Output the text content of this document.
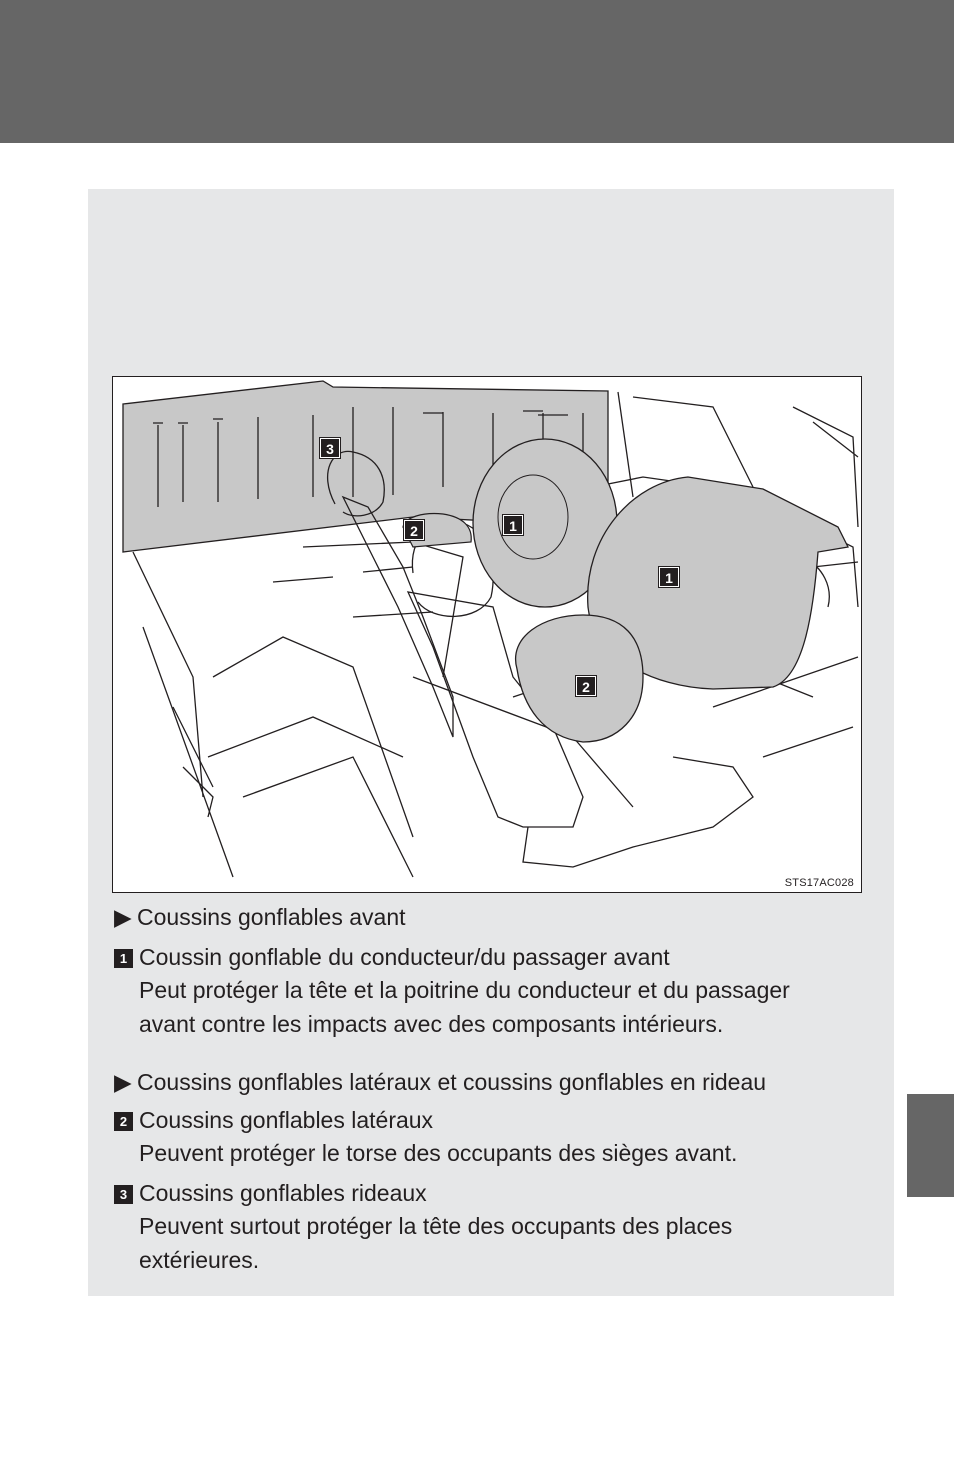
3
2	1
1
2
STS17AC028
▶ Coussins gonflables avant
1 Coussin gonflable du conducteur/du passager avant
Peut protéger la tête et la poitrine du conducteur et du passager
avant contre les impacts avec des composants intérieurs.
▶ Coussins gonflables latéraux et coussins gonflables en rideau
2 Coussins gonflables latéraux
Peuvent protéger le torse des occupants des sièges avant.
3 Coussins gonflables rideaux
Peuvent surtout protéger la tête des occupants des places
extérieures.
